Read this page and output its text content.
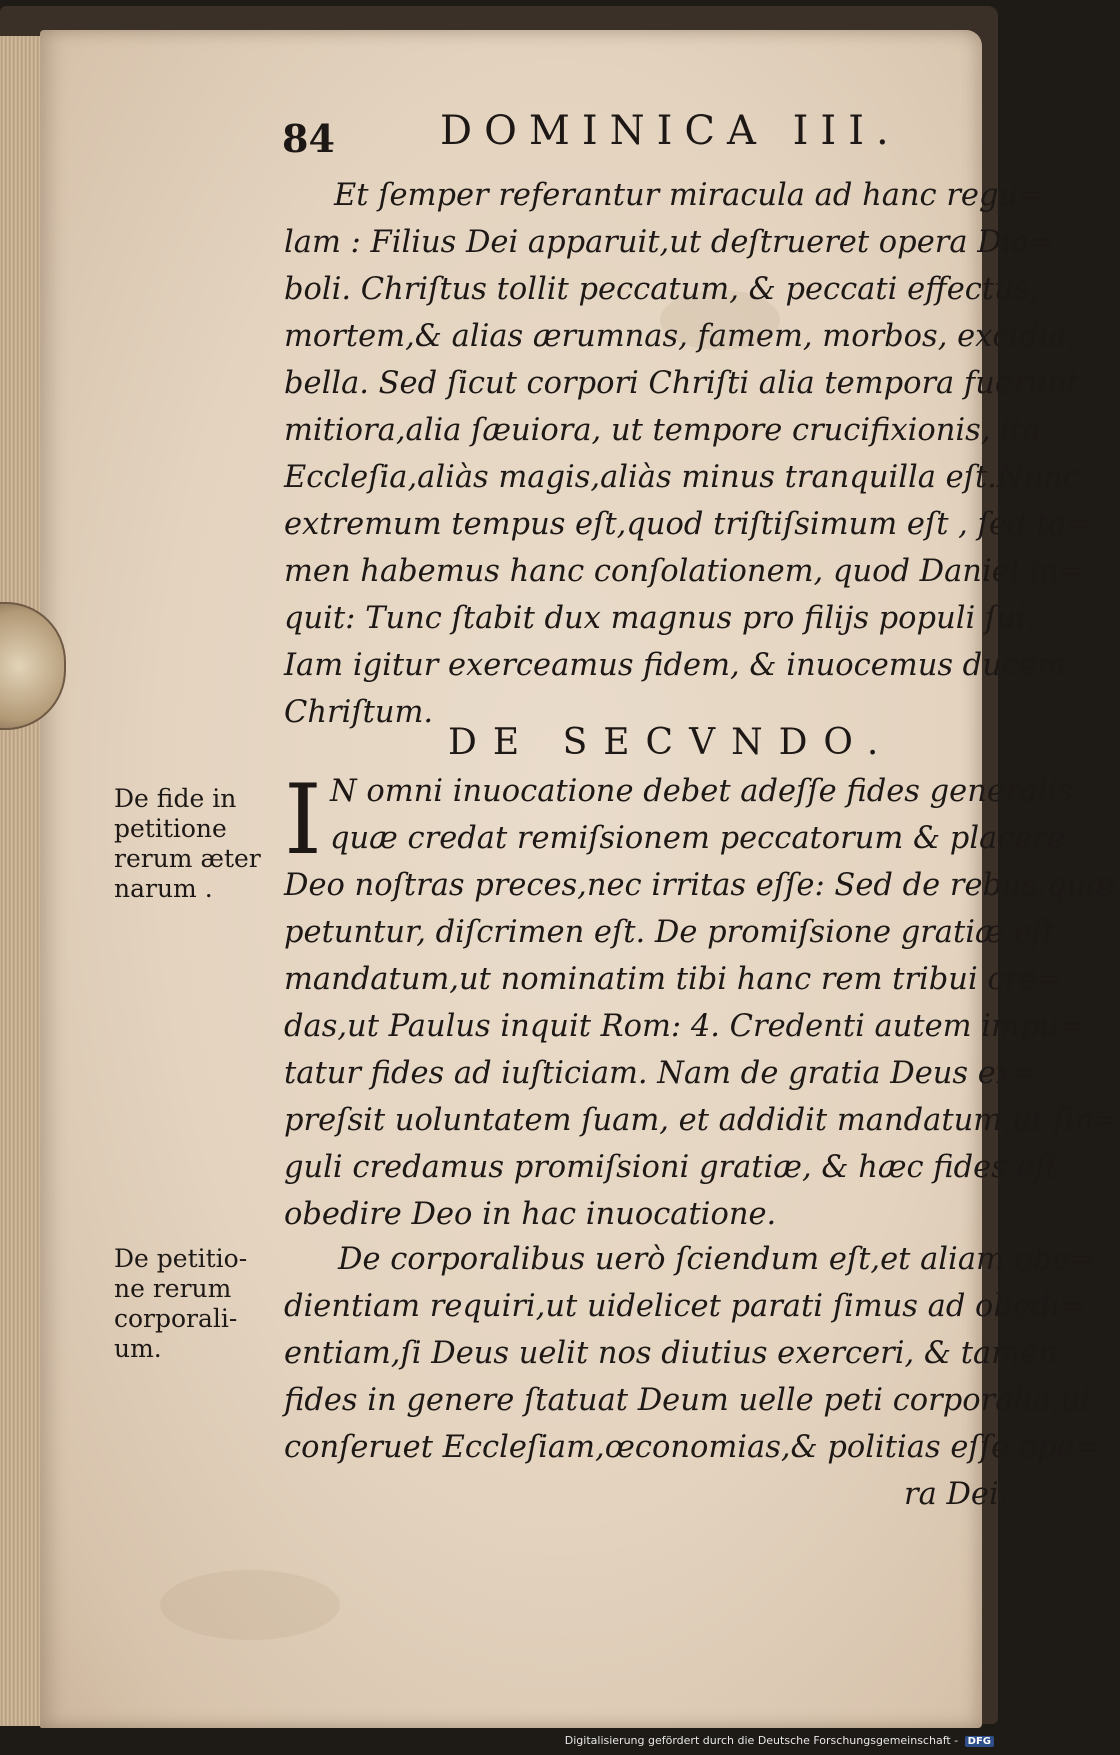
84	DOMINICA III.
Et ſemper referantur miracula ad hanc regu=
lam : Filius Dei apparuit,ut deſtrueret opera Dia=
boli. Chriſtus tollit peccatum, & peccati effectus,
mortem,& alias ærumnas, famem, morbos, excidia,
bella. Sed ſicut corpori Chriſti alia tempora fuerunt
mitiora,alia ſæuiora, ut tempore crucifixionis, ita
Eccleſia,aliàs magis,aliàs minus tranquilla eſt.Nunc
extremum tempus eſt,quod triſtiſsimum eſt , ſed ta=
men habemus hanc conſolationem, quod Daniel in=
quit: Tunc ſtabit dux magnus pro filijs populi ſui.
Iam igitur exerceamus fidem, & inuocemus ducem
Chriſtum.
DE SECVNDO.
I N omni inuocatione debet adeſſe fides generalis,
quæ credat remiſsionem peccatorum & placere
Deo noſtras preces,nec irritas eſſe: Sed de rebus,quæ
petuntur, diſcrimen eſt. De promiſsione gratiæ eſt
mandatum,ut nominatim tibi hanc rem tribui cre=
das,ut Paulus inquit Rom: 4. Credenti autem impu=
tatur fides ad iuſticiam. Nam de gratia Deus ex=
preſsit uoluntatem ſuam, et addidit mandatum,ut ſin=
guli credamus promiſsioni gratiæ, & hæc fides eſt
obedire Deo in hac inuocatione.
De corporalibus uerò ſciendum eſt,et aliam obe=
dientiam requiri,ut uidelicet parati ſimus ad obedi=
entiam,ſi Deus uelit nos diutius exerceri, & tamen
fides in genere ſtatuat Deum uelle peti corporalia,ut
conſeruet Eccleſiam,œconomias,& politias eſſe ope=
ra Dei,
De fide in
petitione
rerum æter
narum .
De petitio-
ne rerum
corporali-
um.
Digitalisierung gefördert durch die Deutsche Forschungsgemeinschaft - DFG
